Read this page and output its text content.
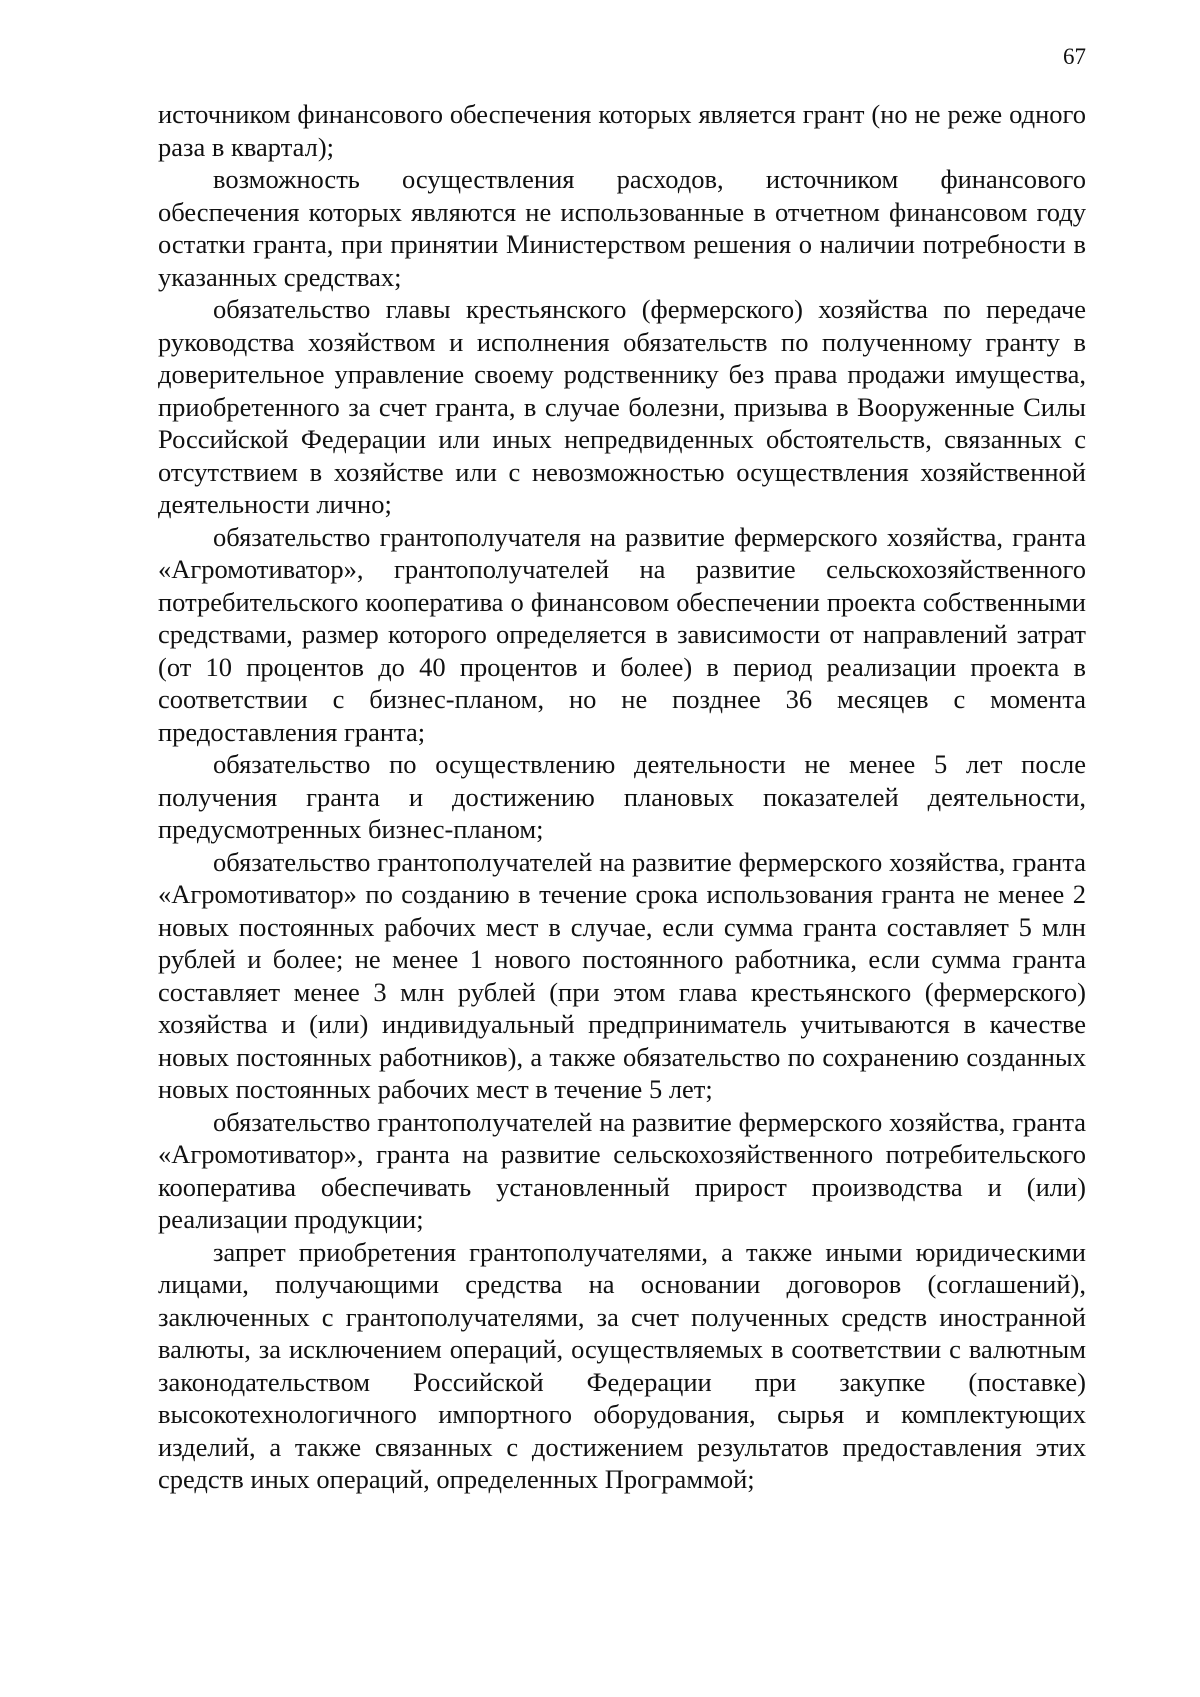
67

источником финансового обеспечения которых является грант (но не реже одного раза в квартал);

возможность осуществления расходов, источником финансового обеспечения которых являются не использованные в отчетном финансовом году остатки гранта, при принятии Министерством решения о наличии потребности в указанных средствах;

обязательство главы крестьянского (фермерского) хозяйства по передаче руководства хозяйством и исполнения обязательств по полученному гранту в доверительное управление своему родственнику без права продажи имущества, приобретенного за счет гранта, в случае болезни, призыва в Вооруженные Силы Российской Федерации или иных непредвиденных обстоятельств, связанных с отсутствием в хозяйстве или с невозможностью осуществления хозяйственной деятельности лично;

обязательство грантополучателя на развитие фермерского хозяйства, гранта «Агромотиватор», грантополучателей на развитие сельскохозяйственного потребительского кооператива о финансовом обеспечении проекта собственными средствами, размер которого определяется в зависимости от направлений затрат (от 10 процентов до 40 процентов и более) в период реализации проекта в соответствии с бизнес-планом, но не позднее 36 месяцев с момента предоставления гранта;

обязательство по осуществлению деятельности не менее 5 лет после получения гранта и достижению плановых показателей деятельности, предусмотренных бизнес-планом;

обязательство грантополучателей на развитие фермерского хозяйства, гранта «Агромотиватор» по созданию в течение срока использования гранта не менее 2 новых постоянных рабочих мест в случае, если сумма гранта составляет 5 млн рублей и более; не менее 1 нового постоянного работника, если сумма гранта составляет менее 3 млн рублей (при этом глава крестьянского (фермерского) хозяйства и (или) индивидуальный предприниматель учитываются в качестве новых постоянных работников), а также обязательство по сохранению созданных новых постоянных рабочих мест в течение 5 лет;

обязательство грантополучателей на развитие фермерского хозяйства, гранта «Агромотиватор», гранта на развитие сельскохозяйственного потребительского кооператива обеспечивать установленный прирост производства и (или) реализации продукции;

запрет приобретения грантополучателями, а также иными юридическими лицами, получающими средства на основании договоров (соглашений), заключенных с грантополучателями, за счет полученных средств иностранной валюты, за исключением операций, осуществляемых в соответствии с валютным законодательством Российской Федерации при закупке (поставке) высокотехнологичного импортного оборудования, сырья и комплектующих изделий, а также связанных с достижением результатов предоставления этих средств иных операций, определенных Программой;
